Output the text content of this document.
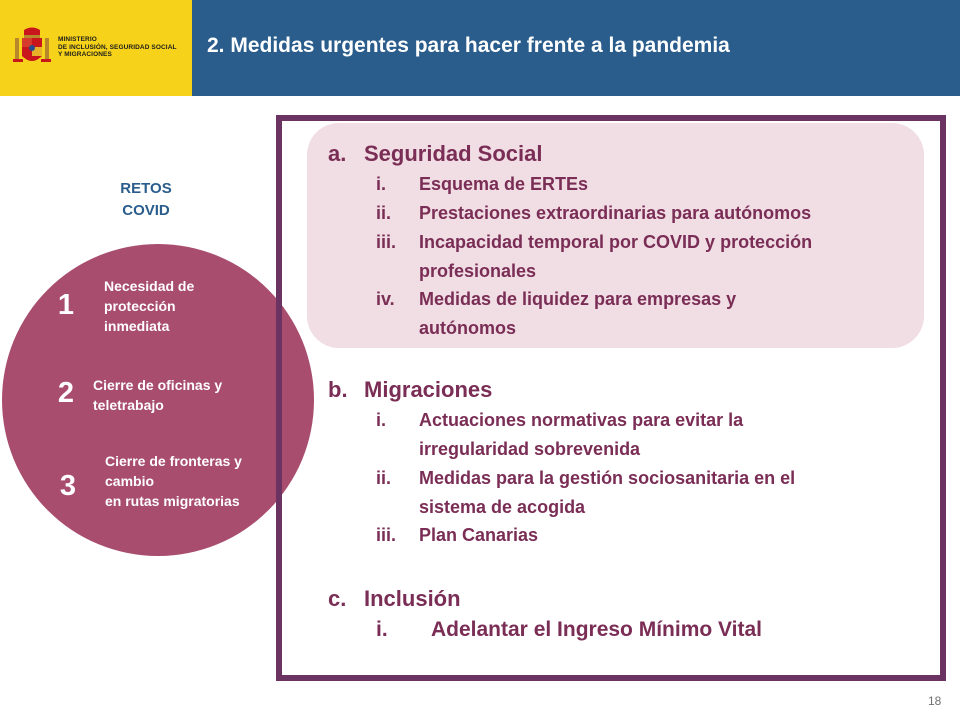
MINISTERIO
DE INCLUSIÓN, SEGURIDAD SOCIAL
Y MIGRACIONES	2. Medidas urgentes para hacer frente a la pandemia
RETOS
COVID
1
Necesidad de
protección
inmediata
2	Cierre de oficinas y
teletrabajo
3
Cierre de fronteras y
cambio
en rutas migratorias
a. Seguridad Social
i. Esquema de ERTEs
ii. Prestaciones extraordinarias para autónomos
iii. Incapacidad temporal por COVID y protección
profesionales
iv. Medidas de liquidez para empresas y
autónomos
b. Migraciones
i. Actuaciones normativas para evitar la
irregularidad sobrevenida
ii. Medidas para la gestión sociosanitaria en el
sistema de acogida
iii. Plan Canarias
c. Inclusión
i. Adelantar el Ingreso Mínimo Vital
18
